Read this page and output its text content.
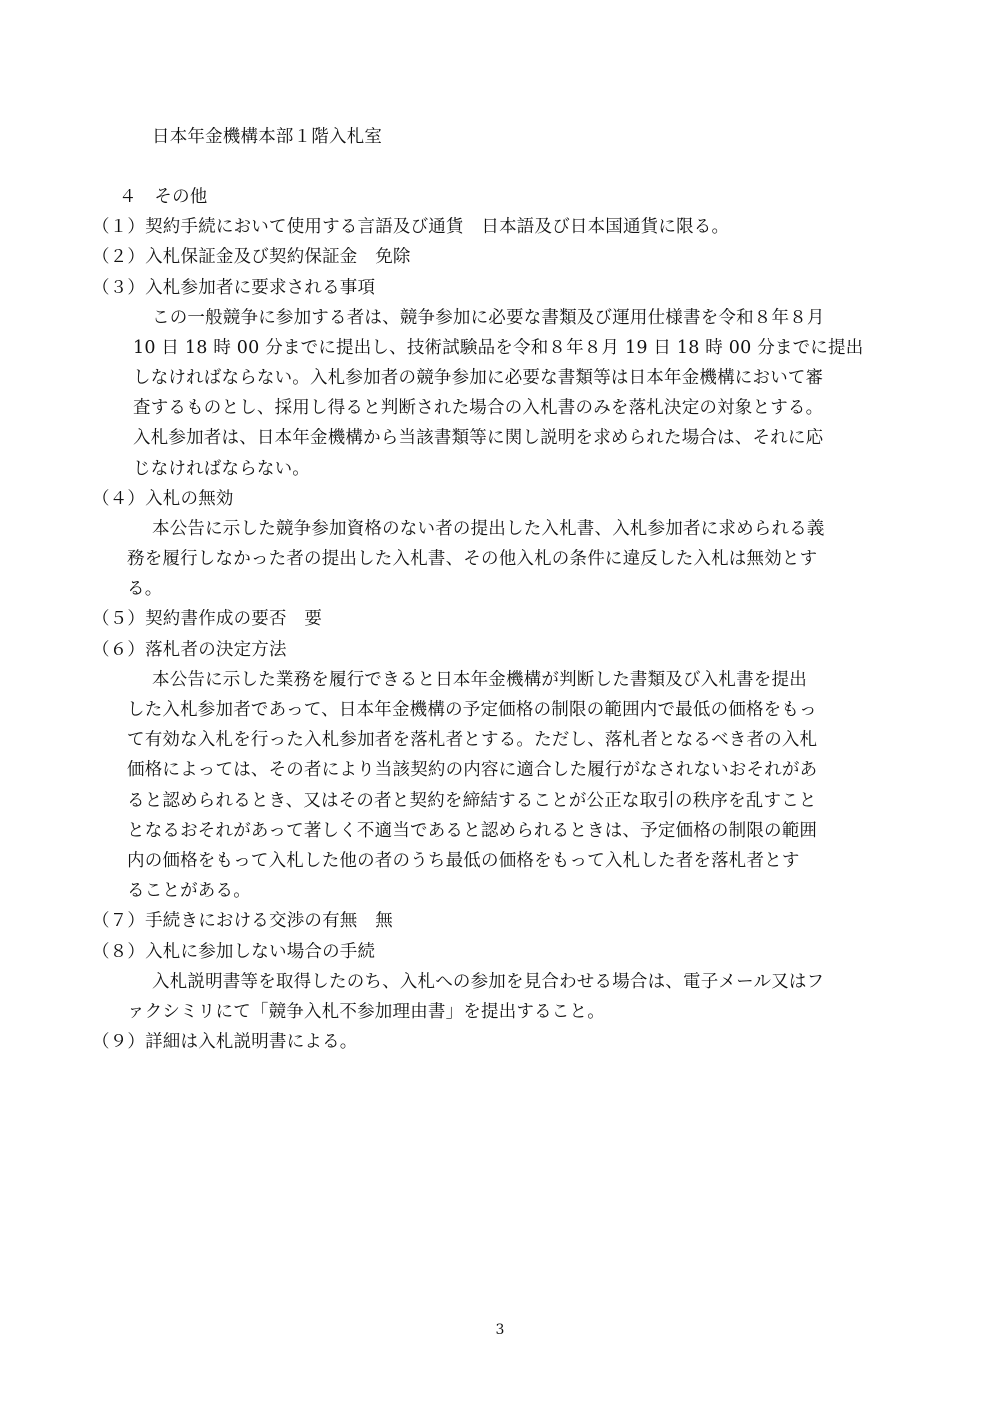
日本年金機構本部１階入札室
４　その他
（１）契約手続において使用する言語及び通貨　日本語及び日本国通貨に限る。
（２）入札保証金及び契約保証金　免除
（３）入札参加者に要求される事項
この一般競争に参加する者は、競争参加に必要な書類及び運用仕様書を令和８年８月
10 日 18 時 00 分までに提出し、技術試験品を令和８年８月 19 日 18 時 00 分までに提出
しなければならない。入札参加者の競争参加に必要な書類等は日本年金機構において審
査するものとし、採用し得ると判断された場合の入札書のみを落札決定の対象とする。
入札参加者は、日本年金機構から当該書類等に関し説明を求められた場合は、それに応
じなければならない。
（４）入札の無効
本公告に示した競争参加資格のない者の提出した入札書、入札参加者に求められる義
務を履行しなかった者の提出した入札書、その他入札の条件に違反した入札は無効とす
る。
（５）契約書作成の要否　要
（６）落札者の決定方法
本公告に示した業務を履行できると日本年金機構が判断した書類及び入札書を提出
した入札参加者であって、日本年金機構の予定価格の制限の範囲内で最低の価格をもっ
て有効な入札を行った入札参加者を落札者とする。ただし、落札者となるべき者の入札
価格によっては、その者により当該契約の内容に適合した履行がなされないおそれがあ
ると認められるとき、又はその者と契約を締結することが公正な取引の秩序を乱すこと
となるおそれがあって著しく不適当であると認められるときは、予定価格の制限の範囲
内の価格をもって入札した他の者のうち最低の価格をもって入札した者を落札者とす
ることがある。
（７）手続きにおける交渉の有無　無
（８）入札に参加しない場合の手続
入札説明書等を取得したのち、入札への参加を見合わせる場合は、電子メール又はフ
ァクシミリにて「競争入札不参加理由書」を提出すること。
（９）詳細は入札説明書による。
3
